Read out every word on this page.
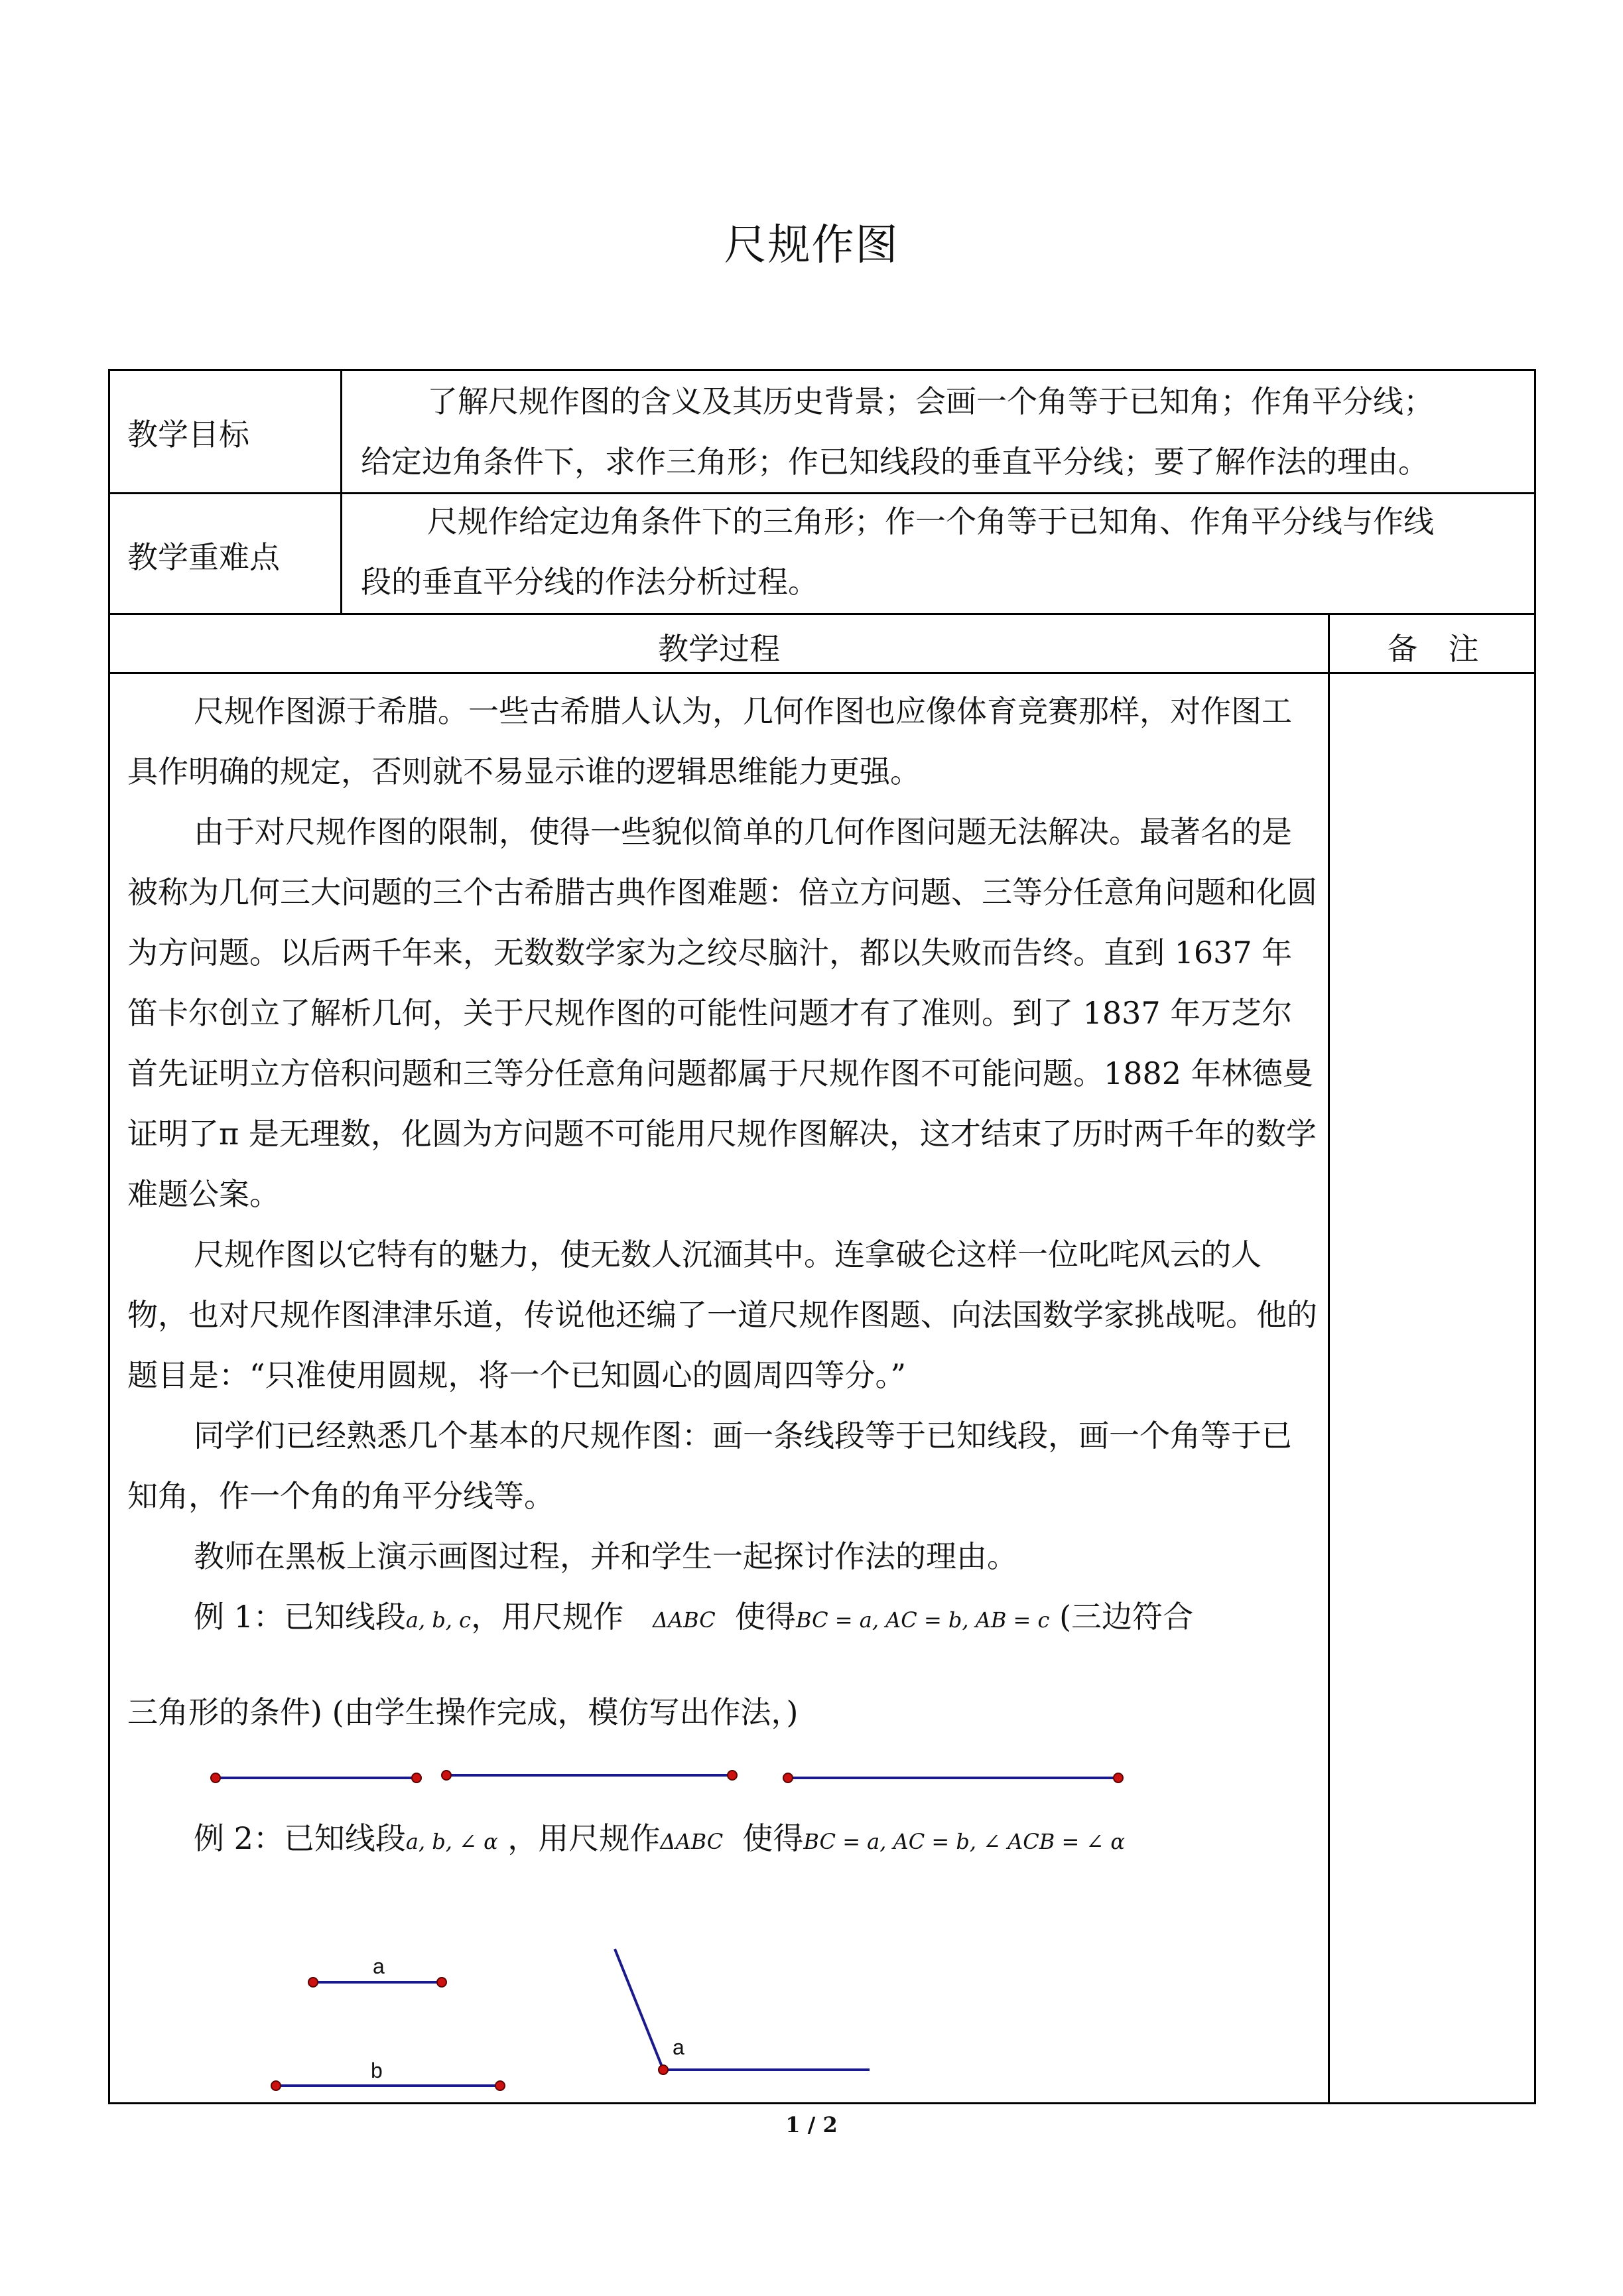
尺规作图
教学目标
了解尺规作图的含义及其历史背景；会画一个角等于已知角；作角平分线；
给定边角条件下，求作三角形；作已知线段的垂直平分线；要了解作法的理由。
教学重难点
尺规作给定边角条件下的三角形；作一个角等于已知角、作角平分线与作线
段的垂直平分线的作法分析过程。
教学过程	备　注
尺规作图源于希腊。一些古希腊人认为，几何作图也应像体育竞赛那样，对作图工具作明确的规定，否则就不易显示谁的逻辑思维能力更强。
由于对尺规作图的限制，使得一些貌似简单的几何作图问题无法解决。最著名的是被称为几何三大问题的三个古希腊古典作图难题：倍立方问题、三等分任意角问题和化圆为方问题。以后两千年来，无数数学家为之绞尽脑汁，都以失败而告终。直到 1637 年笛卡尔创立了解析几何，关于尺规作图的可能性问题才有了准则。到了 1837 年万芝尔首先证明立方倍积问题和三等分任意角问题都属于尺规作图不可能问题。1882 年林德曼证明了π 是无理数，化圆为方问题不可能用尺规作图解决，这才结束了历时两千年的数学难题公案。
尺规作图以它特有的魅力，使无数人沉湎其中。连拿破仑这样一位叱咤风云的人物，也对尺规作图津津乐道，传说他还编了一道尺规作图题、向法国数学家挑战呢。他的题目是：“只准使用圆规，将一个已知圆心的圆周四等分。”
同学们已经熟悉几个基本的尺规作图：画一条线段等于已知线段，画一个角等于已知角，作一个角的角平分线等。
教师在黑板上演示画图过程，并和学生一起探讨作法的理由。
例 1：已知线段a, b, c，用尺规作 ΔABC 使得BC = a, AC = b, AB = c (三边符合
三角形的条件) (由学生操作完成，模仿写出作法，)
例 2：已知线段a, b, ∠ α ，用尺规作ΔABC 使得BC = a, AC = b, ∠ ACB = ∠ α
a
b
a
1 / 2
